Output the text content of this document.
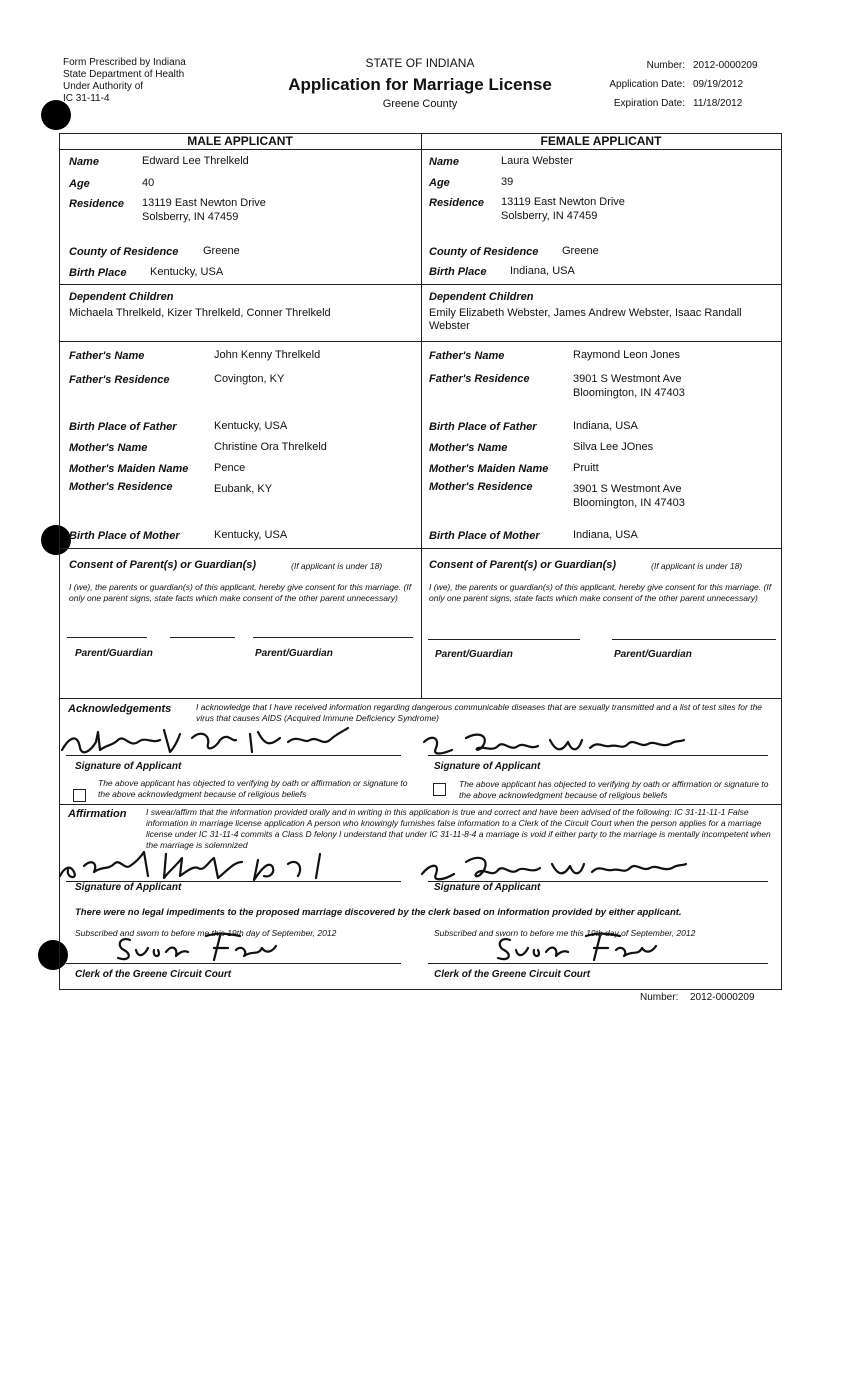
Form Prescribed by Indiana
State Department of Health
Under Authority of
IC 31-11-4
STATE OF INDIANA
Application for Marriage License
Greene County
Number: 2012-0000209
Application Date: 09/19/2012
Expiration Date: 11/18/2012
MALE APPLICANT	FEMALE APPLICANT
Name	Edward Lee Threlkeld
Age	40
Residence 13119 East Newton Drive
Solsberry, IN 47459
County of Residence Greene
Birth Place Kentucky, USA
Dependent Children
Michaela Threlkeld, Kizer Threlkeld, Conner Threlkeld
Father's Name	John Kenny Threlkeld
Father's Residence	Covington, KY
Birth Place of Father	Kentucky, USA
Mother's Name	Christine Ora Threlkeld
Mother's Maiden Name Pence
Mother's Residence	Eubank, KY
Birth Place of Mother	Kentucky, USA
Name	Laura Webster
Age	39
Residence 13119 East Newton Drive
Solsberry, IN 47459
County of Residence Greene
Birth Place Indiana, USA
Dependent Children
Emily Elizabeth Webster, James Andrew Webster, Isaac Randall Webster
Father's Name	Raymond Leon Jones
Father's Residence	3901 S Westmont Ave
Bloomington, IN 47403
Birth Place of Father	Indiana, USA
Mother's Name	Silva Lee JOnes
Mother's Maiden Name Pruitt
Mother's Residence	3901 S Westmont Ave
Bloomington, IN 47403
Birth Place of Mother	Indiana, USA
Consent of Parent(s) or Guardian(s)	(If applicant is under 18)
I (we), the parents or guardian(s) of this applicant, hereby give consent for this marriage. (If only one parent signs, state facts which make consent of the other parent unnecessary)
Parent/Guardian	Parent/Guardian
Consent of Parent(s) or Guardian(s)	(If applicant is under 18)
I (we), the parents or guardian(s) of this applicant, hereby give consent for this marriage. (If only one parent signs, state facts which make consent of the other parent unnecessary)
Parent/Guardian	Parent/Guardian
Acknowledgements	I acknowledge that I have received information regarding dangerous communicable diseases that are sexually transmitted and a list of test sites for the virus that causes AIDS (Acquired Immune Deficiency Syndrome)
Signature of Applicant	Signature of Applicant
The above applicant has objected to verifying by oath or affirmation or signature to the above acknowledgment because of religious beliefs
The above applicant has objected to verifying by oath or affirmation or signature to the above acknowledgment because of religious beliefs
Affirmation I swear/affirm that the information provided orally and in writing in this application is true and correct and have been advised of the following: IC 31-11-11-1 False information in marriage license application A person who knowingly furnishes false information to a Clerk of the Circuit Court when the person applies for a marriage license under IC 31-11-4 commits a Class D felony I understand that under IC 31-11-8-4 a marriage is void if either party to the marriage is mentally incompetent when the marriage is solemnized
Signature of Applicant	Signature of Applicant
There were no legal impediments to the proposed marriage discovered by the clerk based on information provided by either applicant.
Subscribed and sworn to before me this 19th day of September, 2012	Subscribed and sworn to before me this 19th day of September, 2012
Clerk of the Greene Circuit Court	Clerk of the Greene Circuit Court
Number: 2012-0000209
